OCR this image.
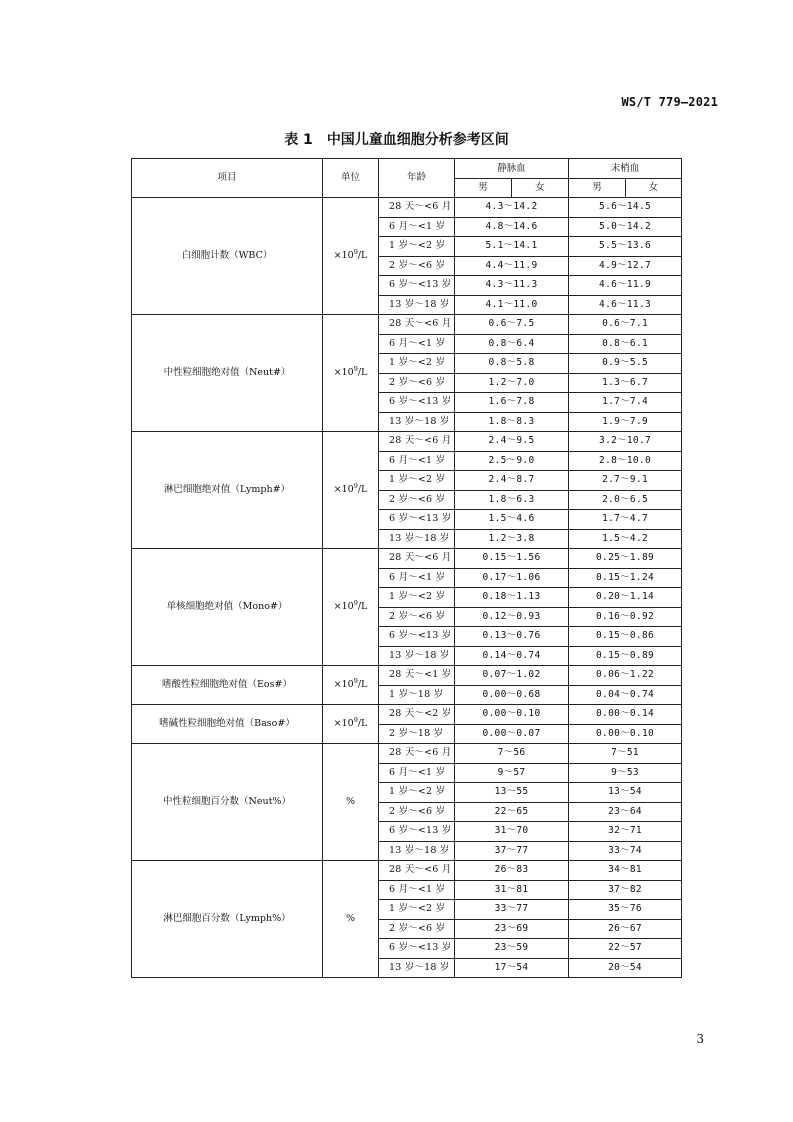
WS/T 779—2021
表 1 中国儿童血细胞分析参考区间
项目	单位	年龄	静脉血		末梢血	
			男	女	男	女
白细胞计数（WBC）	$\times 10^9/L$	28 天～<6 月	4.3～14.2		5.6～14.5	
		6 月～<1 岁	4.8～14.6		5.0～14.2	
		1 岁～<2 岁	5.1～14.1		5.5～13.6	
		2 岁～<6 岁	4.4～11.9		4.9～12.7	
		6 岁～<13 岁	4.3～11.3		4.6～11.9	
		13 岁～18 岁	4.1～11.0		4.6～11.3	
中性粒细胞绝对值（Neut#）	$\times 10^9/L$	28 天～<6 月	0.6～7.5		0.6～7.1	
		6 月～<1 岁	0.8～6.4		0.8～6.1	
		1 岁～<2 岁	0.8～5.8		0.9～5.5	
		2 岁～<6 岁	1.2～7.0		1.3～6.7	
		6 岁～<13 岁	1.6～7.8		1.7～7.4	
		13 岁～18 岁	1.8～8.3		1.9～7.9	
淋巴细胞绝对值（Lymph#）	$\times 10^9/L$	28 天～<6 月	2.4～9.5		3.2～10.7	
		6 月～<1 岁	2.5～9.0		2.8～10.0	
		1 岁～<2 岁	2.4～8.7		2.7～9.1	
		2 岁～<6 岁	1.8～6.3		2.0～6.5	
		6 岁～<13 岁	1.5～4.6		1.7～4.7	
		13 岁～18 岁	1.2～3.8		1.5～4.2	
单核细胞绝对值（Mono#）	$\times 10^9/L$	28 天～<6 月	0.15～1.56		0.25～1.89	
		6 月～<1 岁	0.17～1.06		0.15～1.24	
		1 岁～<2 岁	0.18～1.13		0.20～1.14	
		2 岁～<6 岁	0.12～0.93		0.16～0.92	
		6 岁～<13 岁	0.13～0.76		0.15～0.86	
		13 岁～18 岁	0.14～0.74		0.15～0.89	
嗜酸性粒细胞绝对值（Eos#）	$\times 10^9/L$	28 天～<1 岁	0.07～1.02		0.06～1.22	
		1 岁～18 岁	0.00～0.68		0.04～0.74	
嗜碱性粒细胞绝对值（Baso#）	$\times 10^9/L$	28 天～<2 岁	0.00～0.10		0.00～0.14	
		2 岁～18 岁	0.00～0.07		0.00～0.10	
中性粒细胞百分数（Neut%）	%	28 天～<6 月	7～56		7～51	
		6 月～<1 岁	9～57		9～53	
		1 岁～<2 岁	13～55		13～54	
		2 岁～<6 岁	22～65		23～64	
		6 岁～<13 岁	31～70		32～71	
		13 岁～18 岁	37～77		33～74	
淋巴细胞百分数（Lymph%）	%	28 天～<6 月	26～83		34～81	
		6 月～<1 岁	31～81		37～82	
		1 岁～<2 岁	33～77		35～76	
		2 岁～<6 岁	23～69		26～67	
		6 岁～<13 岁	23～59		22～57	
		13 岁～18 岁	17～54		20～54	
3
